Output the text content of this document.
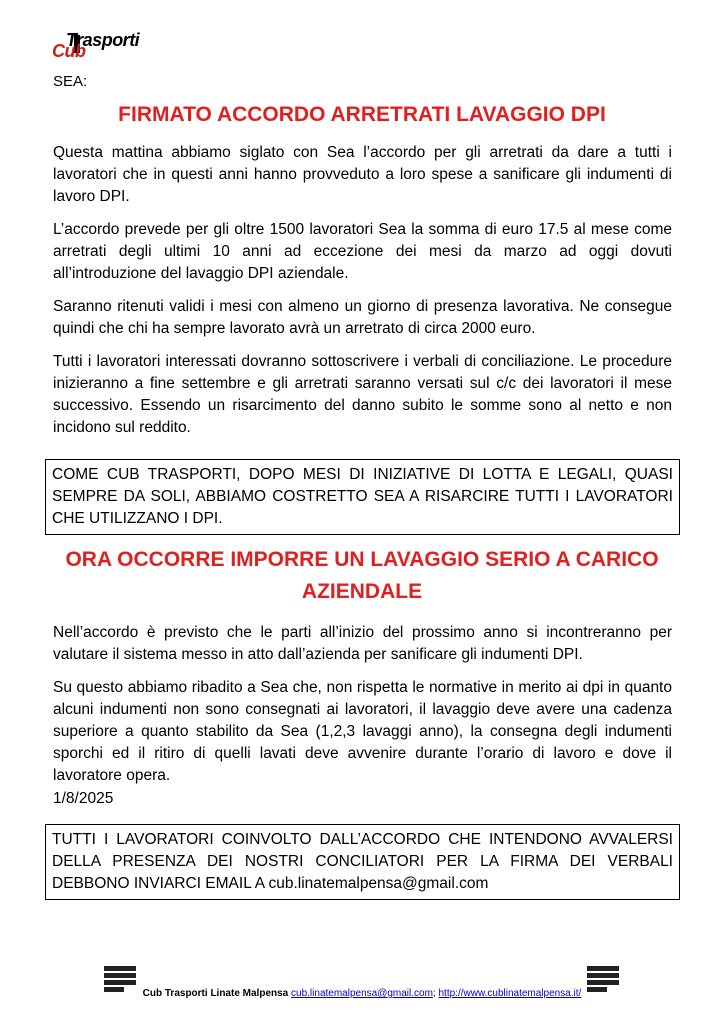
Trasporti
Cub
SEA:
FIRMATO ACCORDO ARRETRATI LAVAGGIO DPI
Questa mattina abbiamo siglato con Sea l’accordo per gli arretrati da dare a tutti i lavoratori che in questi anni hanno provveduto a loro spese a sanificare gli indumenti di lavoro DPI.
L’accordo prevede per gli oltre 1500 lavoratori Sea la somma di euro 17.5 al mese come arretrati degli ultimi 10 anni ad eccezione dei mesi da marzo ad oggi dovuti all’introduzione del lavaggio DPI aziendale.
Saranno ritenuti validi i mesi con almeno un giorno di presenza lavorativa. Ne consegue quindi che chi ha sempre lavorato avrà un arretrato di circa 2000 euro.
Tutti i lavoratori interessati dovranno sottoscrivere i verbali di conciliazione. Le procedure inizieranno a fine settembre e gli arretrati saranno versati sul c/c dei lavoratori il mese successivo. Essendo un risarcimento del danno subito le somme sono al netto e non incidono sul reddito.
COME CUB TRASPORTI, DOPO MESI DI INIZIATIVE DI LOTTA E LEGALI, QUASI SEMPRE DA SOLI, ABBIAMO COSTRETTO SEA A RISARCIRE TUTTI I LAVORATORI CHE UTILIZZANO I DPI.
ORA OCCORRE IMPORRE UN LAVAGGIO SERIO A CARICO AZIENDALE
Nell’accordo è previsto che le parti all’inizio del prossimo anno si incontreranno per valutare il sistema messo in atto dall’azienda per sanificare gli indumenti DPI.
Su questo abbiamo ribadito a Sea che, non rispetta le normative in merito ai dpi in quanto alcuni indumenti non sono consegnati ai lavoratori, il lavaggio deve avere una cadenza superiore a quanto stabilito da Sea (1,2,3 lavaggi anno), la consegna degli indumenti sporchi ed il ritiro di quelli lavati deve avvenire durante l’orario di lavoro e dove il lavoratore opera.
1/8/2025
TUTTI I LAVORATORI COINVOLTO DALL’ACCORDO CHE INTENDONO AVVALERSI DELLA PRESENZA DEI NOSTRI CONCILIATORI PER LA FIRMA DEI VERBALI DEBBONO INVIARCI EMAIL A cub.linatemalpensa@gmail.com
Cub Trasporti Linate Malpensa cub.linatemalpensa@gmail.com; http://www.cublinatemalpensa.it/
